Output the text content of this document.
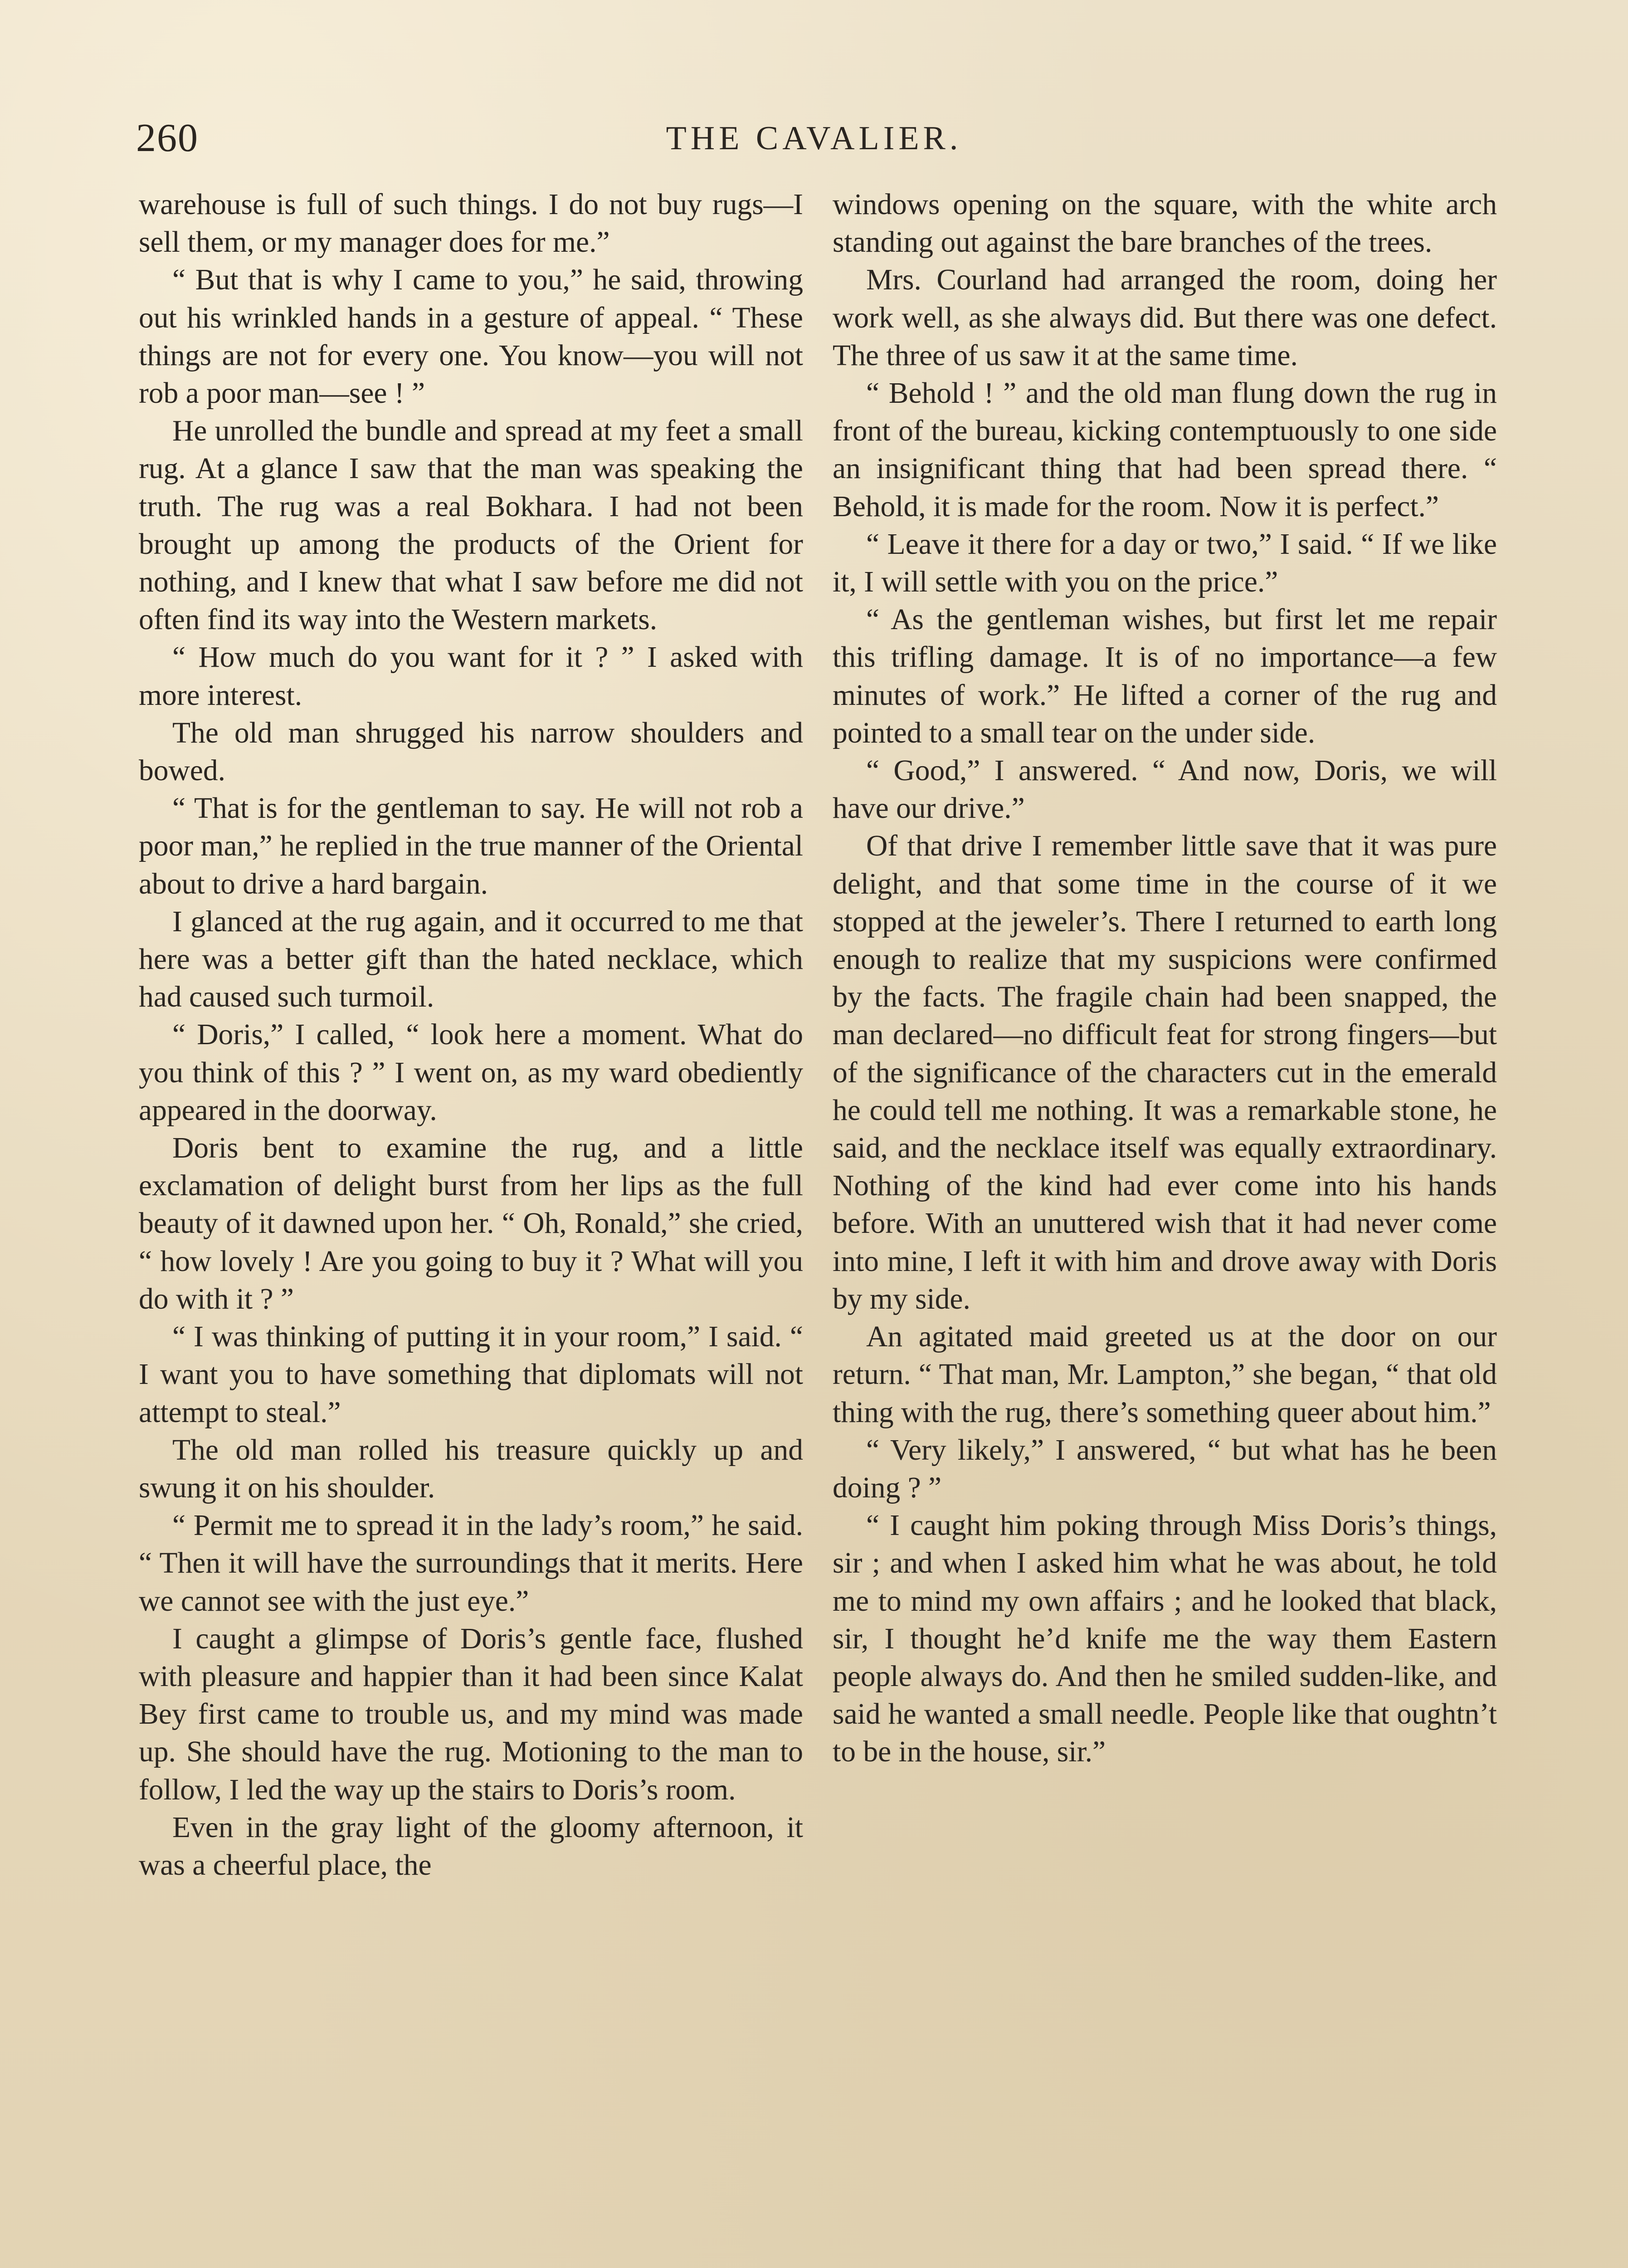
260	THE CAVALIER.

warehouse is full of such things. I do not buy rugs—I sell them, or my manager does for me.”

“ But that is why I came to you,” he said, throwing out his wrinkled hands in a gesture of appeal. “ These things are not for every one. You know—you will not rob a poor man—see ! ”

He unrolled the bundle and spread at my feet a small rug. At a glance I saw that the man was speaking the truth. The rug was a real Bokhara. I had not been brought up among the products of the Orient for nothing, and I knew that what I saw before me did not often find its way into the Western markets.

“ How much do you want for it ? ” I asked with more interest.

The old man shrugged his narrow shoulders and bowed.

“ That is for the gentleman to say. He will not rob a poor man,” he replied in the true manner of the Oriental about to drive a hard bargain.

I glanced at the rug again, and it occurred to me that here was a better gift than the hated necklace, which had caused such turmoil.

“ Doris,” I called, “ look here a moment. What do you think of this ? ” I went on, as my ward obediently appeared in the doorway.

Doris bent to examine the rug, and a little exclamation of delight burst from her lips as the full beauty of it dawned upon her. “ Oh, Ronald,” she cried, “ how lovely ! Are you going to buy it ? What will you do with it ? ”

“ I was thinking of putting it in your room,” I said. “ I want you to have something that diplomats will not attempt to steal.”

The old man rolled his treasure quickly up and swung it on his shoulder.

“ Permit me to spread it in the lady’s room,” he said. “ Then it will have the surroundings that it merits. Here we cannot see with the just eye.”

I caught a glimpse of Doris’s gentle face, flushed with pleasure and happier than it had been since Kalat Bey first came to trouble us, and my mind was made up. She should have the rug. Motioning to the man to follow, I led the way up the stairs to Doris’s room.

Even in the gray light of the gloomy afternoon, it was a cheerful place, the

windows opening on the square, with the white arch standing out against the bare branches of the trees.

Mrs. Courland had arranged the room, doing her work well, as she always did. But there was one defect. The three of us saw it at the same time.

“ Behold ! ” and the old man flung down the rug in front of the bureau, kicking contemptuously to one side an insignificant thing that had been spread there. “ Behold, it is made for the room. Now it is perfect.”

“ Leave it there for a day or two,” I said. “ If we like it, I will settle with you on the price.”

“ As the gentleman wishes, but first let me repair this trifling damage. It is of no importance—a few minutes of work.” He lifted a corner of the rug and pointed to a small tear on the under side.

“ Good,” I answered. “ And now, Doris, we will have our drive.”

Of that drive I remember little save that it was pure delight, and that some time in the course of it we stopped at the jeweler’s. There I returned to earth long enough to realize that my suspicions were confirmed by the facts. The fragile chain had been snapped, the man declared—no difficult feat for strong fingers—but of the significance of the characters cut in the emerald he could tell me nothing. It was a remarkable stone, he said, and the necklace itself was equally extraordinary. Nothing of the kind had ever come into his hands before. With an unuttered wish that it had never come into mine, I left it with him and drove away with Doris by my side.

An agitated maid greeted us at the door on our return. “ That man, Mr. Lampton,” she began, “ that old thing with the rug, there’s something queer about him.”

“ Very likely,” I answered, “ but what has he been doing ? ”

“ I caught him poking through Miss Doris’s things, sir ; and when I asked him what he was about, he told me to mind my own affairs ; and he looked that black, sir, I thought he’d knife me the way them Eastern people always do. And then he smiled sudden-like, and said he wanted a small needle. People like that oughtn’t to be in the house, sir.”
